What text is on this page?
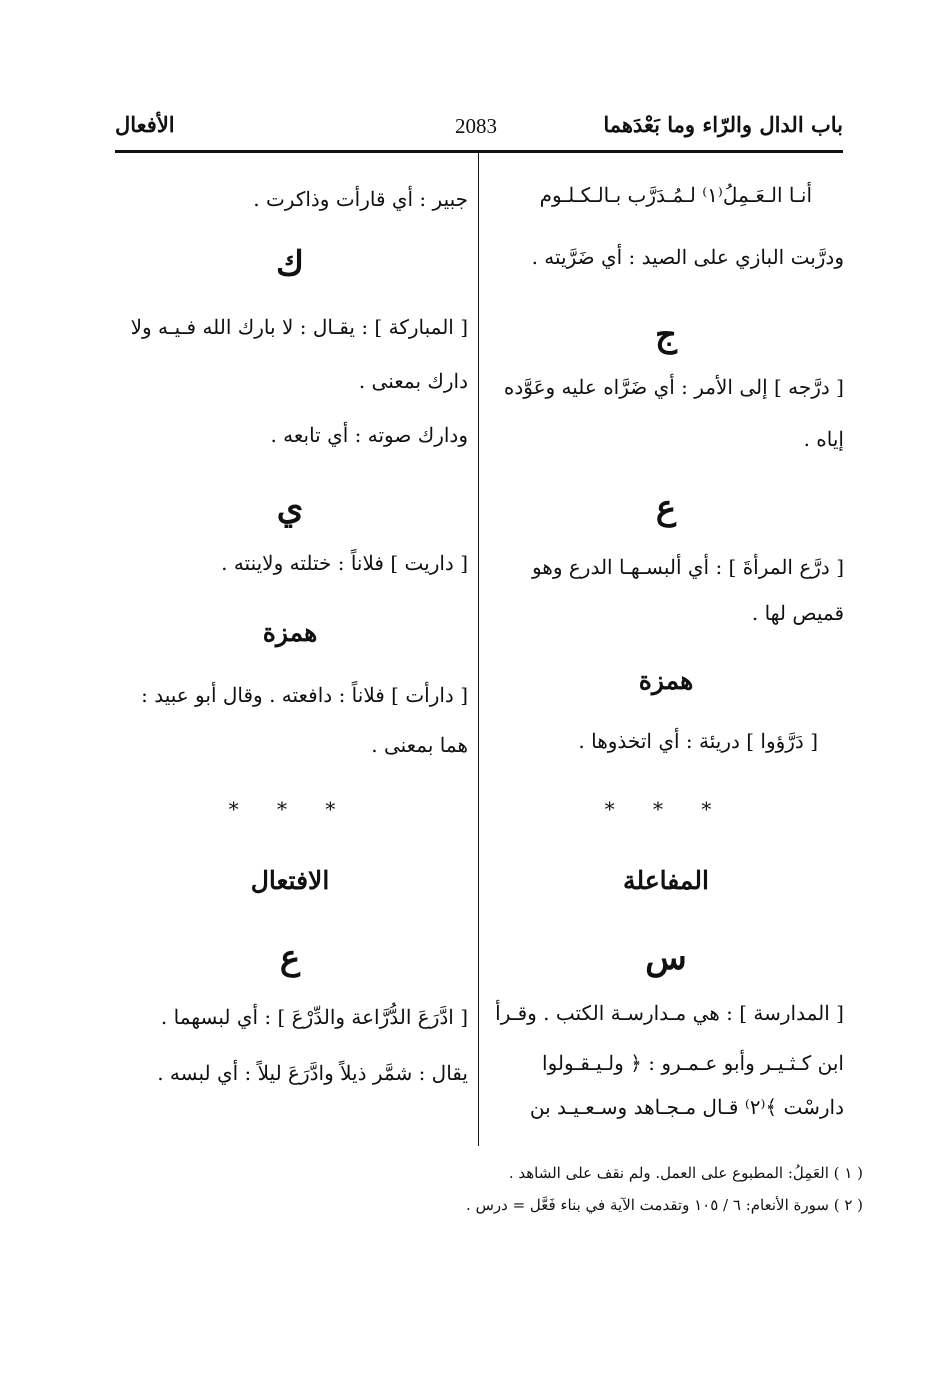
باب الدال والرّاء وما بَعْدَهما
2083
الأفعال
أنـا الـعَـمِلُ⁽١⁾ لـمُـدَرَّب بـالـكـلـوم
ودرَّبت البازي على الصيد : أي ضَرَّيته .
ج
[ درَّجه ] إلى الأمر : أي ضَرَّاه عليه وعَوَّده
إياه .
ع
[ درَّع المرأةَ ] : أي ألبسـهـا الدرع وهو
قميص لها .
همزة
[ دَرَّؤوا ] دريئة : أي اتخذوها .
* * *
المفاعلة
س
[ المدارسة ] : هي مـدارسـة الكتب . وقـرأ
ابن كـثـيـر وأبو عـمـرو : ﴿ ولـيـقـولوا
دارسْت ﴾⁽٢⁾ قـال مـجـاهد وسـعـيـد بن
جبير : أي قارأت وذاكرت .
ك
[ المباركة ] : يقـال : لا بارك الله فـيـه ولا
دارك بمعنى .
ودارك صوته : أي تابعه .
ي
[ داريت ] فلاناً : ختلته ولاينته .
همزة
[ دارأت ] فلاناً : دافعته . وقال أبو عبيد :
هما بمعنى .
* * *
الافتعال
ع
[ ادَّرَعَ الدُّرَّاعة والدِّرْعَ ] : أي لبسهما .
يقال : شمَّر ذيلاً وادَّرَعَ ليلاً : أي لبسه .
( ١ ) العَمِلُ: المطبوع على العمل. ولم نقف على الشاهد .
( ٢ ) سورة الأنعام: ٦ / ١٠٥ وتقدمت الآية في بناء فَعَّل = درس .
